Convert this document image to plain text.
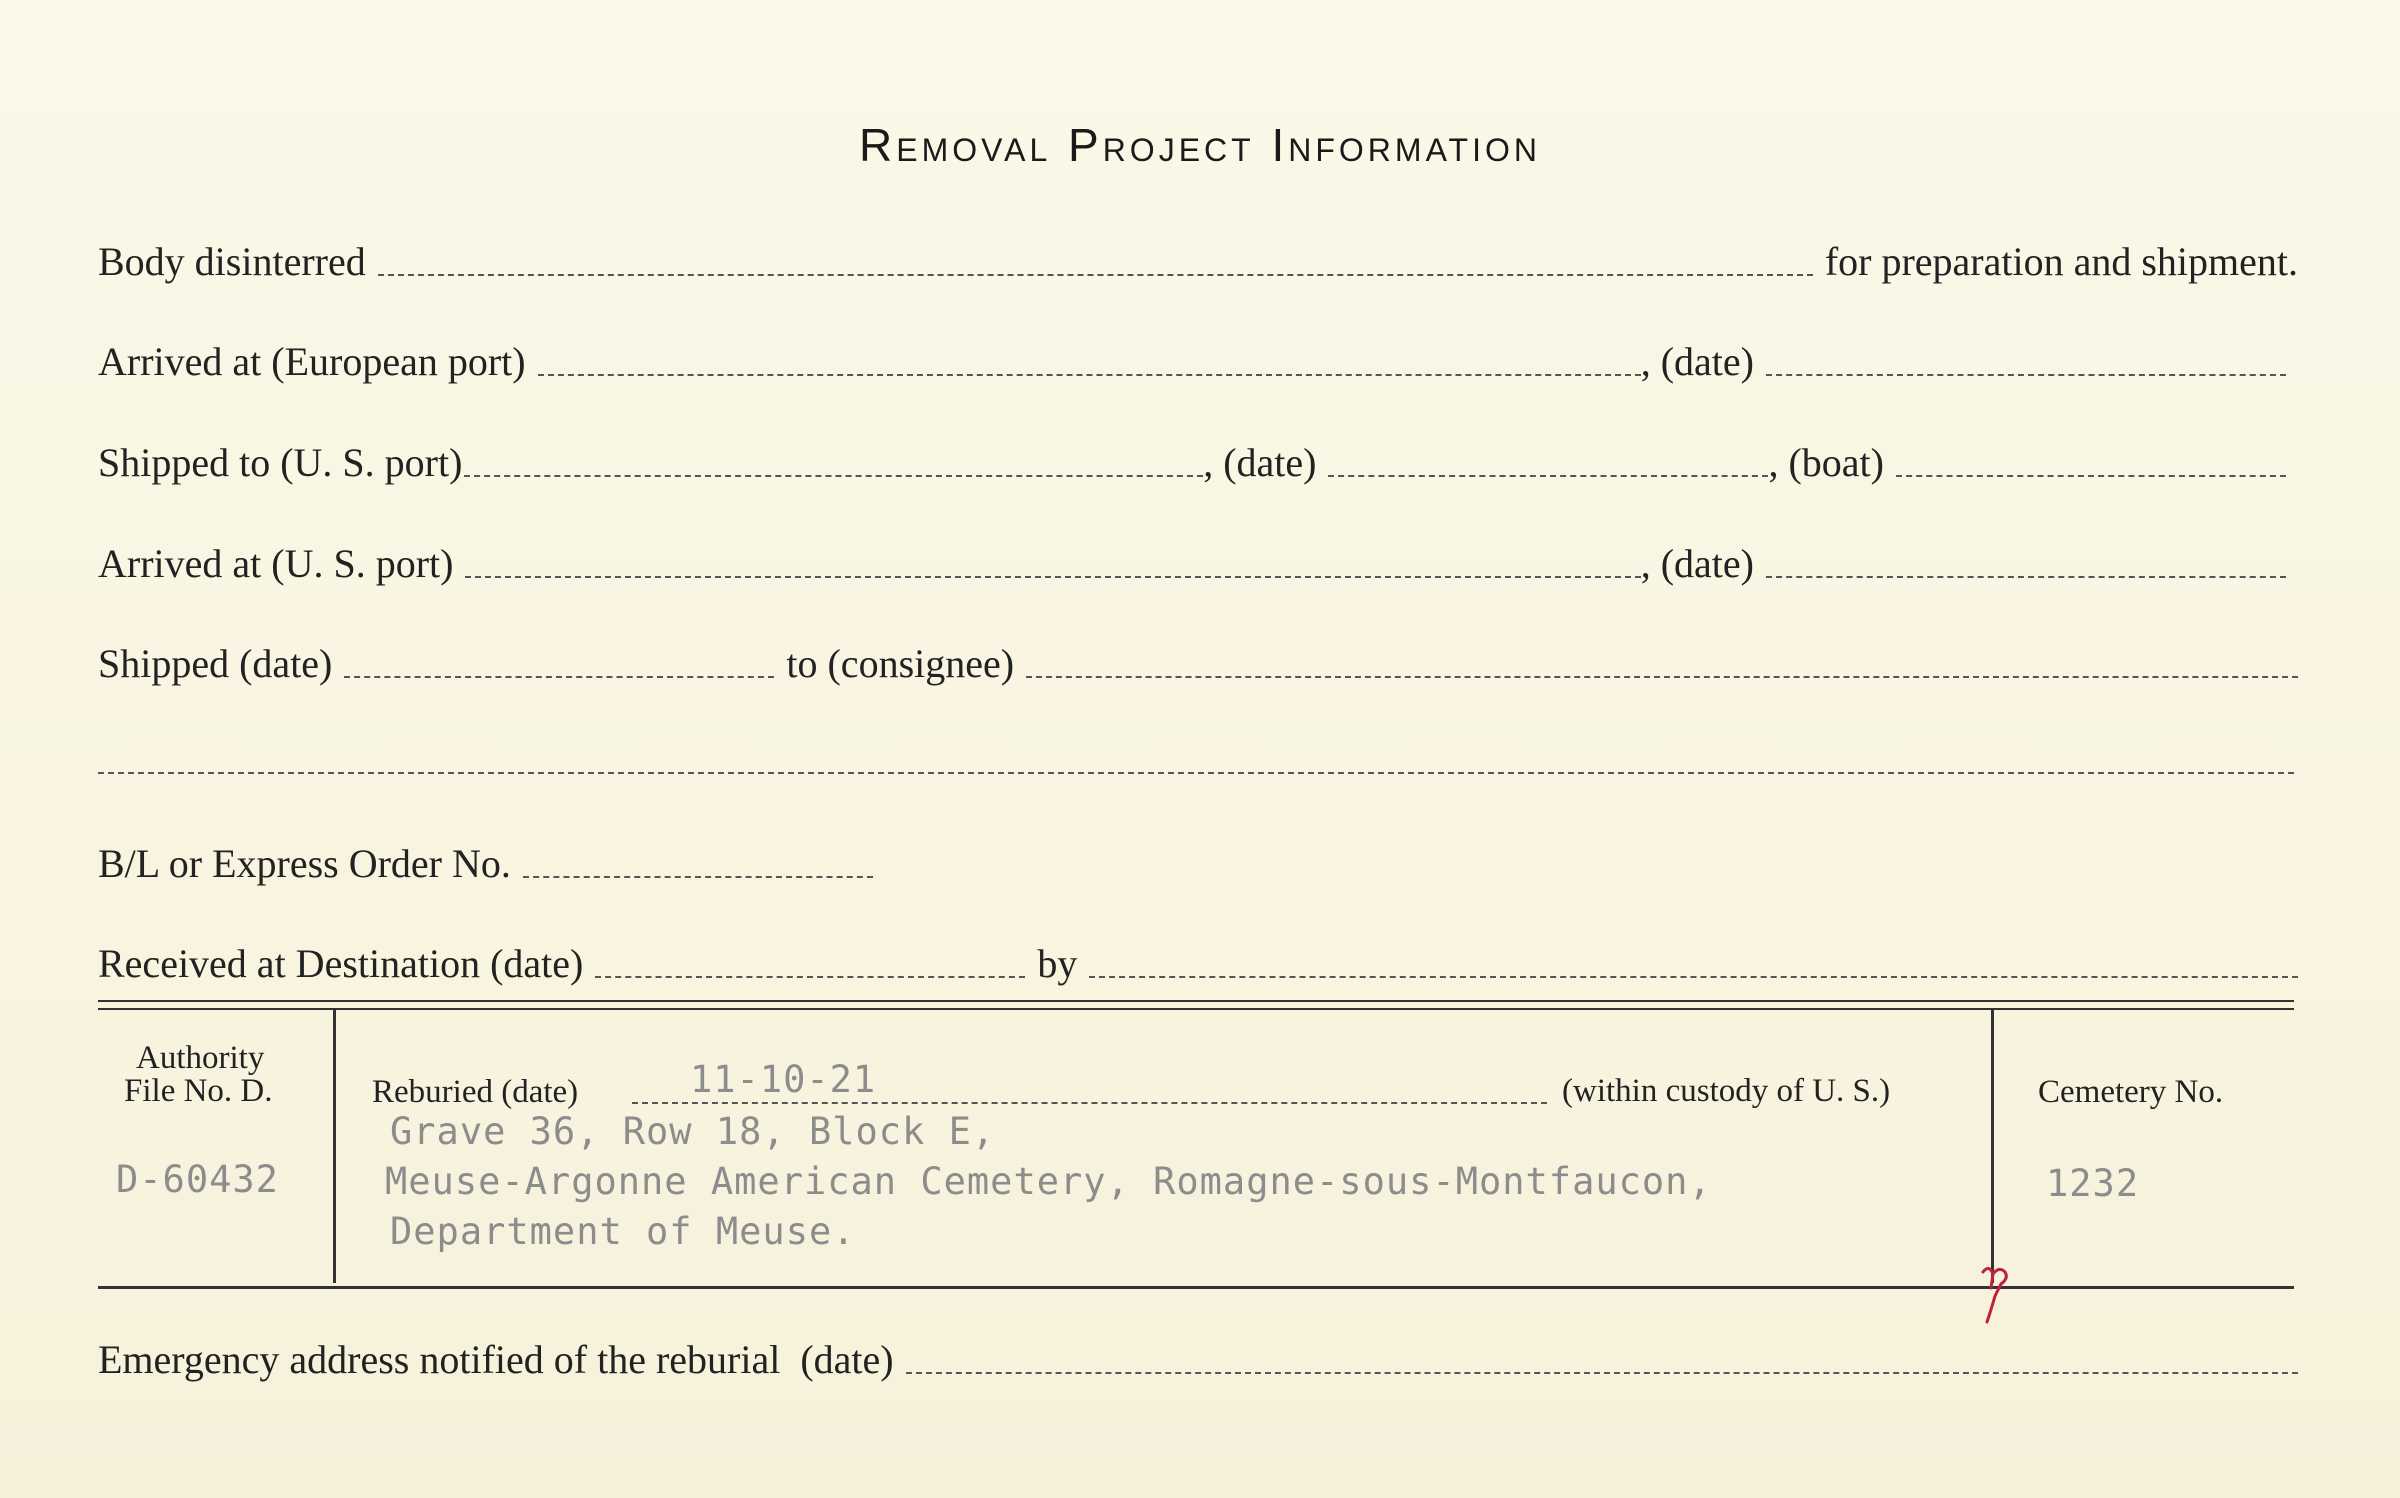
Removal Project Information
Body disinterred	for preparation and shipment.
Arrived at (European port)	, (date)
Shipped to (U. S. port)	, (date)	, (boat)
Arrived at (U. S. port)	, (date)
Shipped (date)	to (consignee)
B/L or Express Order No.
Received at Destination (date)	by
Authority
File No. D.
D-60432
Reburied (date)	11-10-21	(within custody of U. S.)
Grave 36, Row 18, Block E,
Meuse-Argonne American Cemetery, Romagne-sous-Montfaucon,
Department of Meuse.
Cemetery No.
1232
Emergency address notified of the reburial  (date)
